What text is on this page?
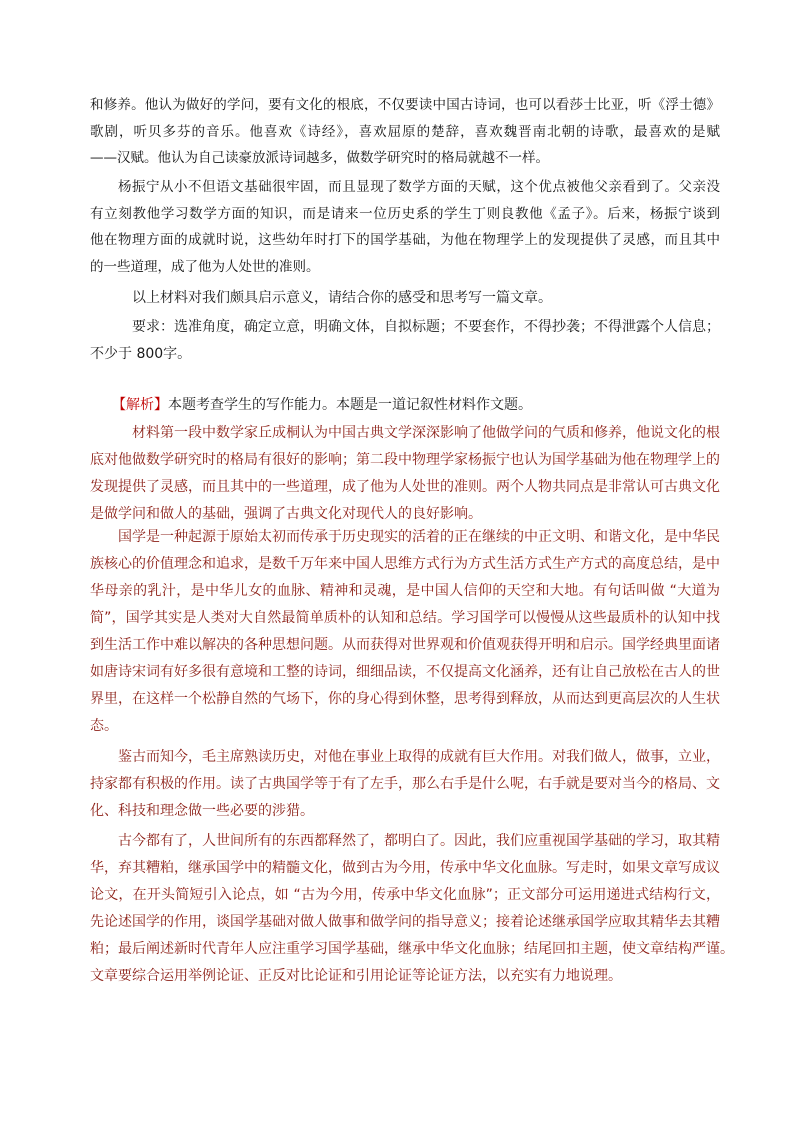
和修养。他认为做好的学问，要有文化的根底，不仅要读中国古诗词，也可以看莎士比亚，听《浮士德》
歌剧，听贝多芬的音乐。他喜欢《诗经》，喜欢屈原的楚辞，喜欢魏晋南北朝的诗歌，最喜欢的是赋
——汉赋。他认为自己读豪放派诗词越多，做数学研究时的格局就越不一样。
杨振宁从小不但语文基础很牢固，而且显现了数学方面的天赋，这个优点被他父亲看到了。父亲没
有立刻教他学习数学方面的知识，而是请来一位历史系的学生丁则良教他《孟子》。后来，杨振宁谈到
他在物理方面的成就时说，这些幼年时打下的国学基础，为他在物理学上的发现提供了灵感，而且其中
的一些道理，成了他为人处世的准则。
以上材料对我们颇具启示意义，请结合你的感受和思考写一篇文章。
要求：选准角度，确定立意，明确文体，自拟标题；不要套作，不得抄袭；不得泄露个人信息；
不少于 800字。
【解析】本题考查学生的写作能力。本题是一道记叙性材料作文题。
材料第一段中数学家丘成桐认为中国古典文学深深影响了他做学问的气质和修养，他说文化的根
底对他做数学研究时的格局有很好的影响；第二段中物理学家杨振宁也认为国学基础为他在物理学上的
发现提供了灵感，而且其中的一些道理，成了他为人处世的准则。两个人物共同点是非常认可古典文化
是做学问和做人的基础，强调了古典文化对现代人的良好影响。
国学是一种起源于原始太初而传承于历史现实的活着的正在继续的中正文明、和谐文化，是中华民
族核心的价值理念和追求，是数千万年来中国人思维方式行为方式生活方式生产方式的高度总结，是中
华母亲的乳汁，是中华儿女的血脉、精神和灵魂，是中国人信仰的天空和大地。有句话叫做 “大道为
简”，国学其实是人类对大自然最简单质朴的认知和总结。学习国学可以慢慢从这些最质朴的认知中找
到生活工作中难以解决的各种思想问题。从而获得对世界观和价值观获得开明和启示。国学经典里面诸
如唐诗宋词有好多很有意境和工整的诗词，细细品读，不仅提高文化涵养，还有让自己放松在古人的世
界里，在这样一个松静自然的气场下，你的身心得到休整，思考得到释放，从而达到更高层次的人生状
态。
鉴古而知今，毛主席熟读历史，对他在事业上取得的成就有巨大作用。对我们做人，做事，立业，
持家都有积极的作用。读了古典国学等于有了左手，那么右手是什么呢，右手就是要对当今的格局、文
化、科技和理念做一些必要的涉猎。
古今都有了，人世间所有的东西都释然了，都明白了。因此，我们应重视国学基础的学习，取其精
华，弃其糟粕，继承国学中的精髓文化，做到古为今用，传承中华文化血脉。写走时，如果文章写成议
论文，在开头简短引入论点，如 “古为今用，传承中华文化血脉”；正文部分可运用递进式结构行文，
先论述国学的作用，谈国学基础对做人做事和做学问的指导意义；接着论述继承国学应取其精华去其糟
粕；最后阐述新时代青年人应注重学习国学基础，继承中华文化血脉；结尾回扣主题，使文章结构严谨。
文章要综合运用举例论证、正反对比论证和引用论证等论证方法，以充实有力地说理。
